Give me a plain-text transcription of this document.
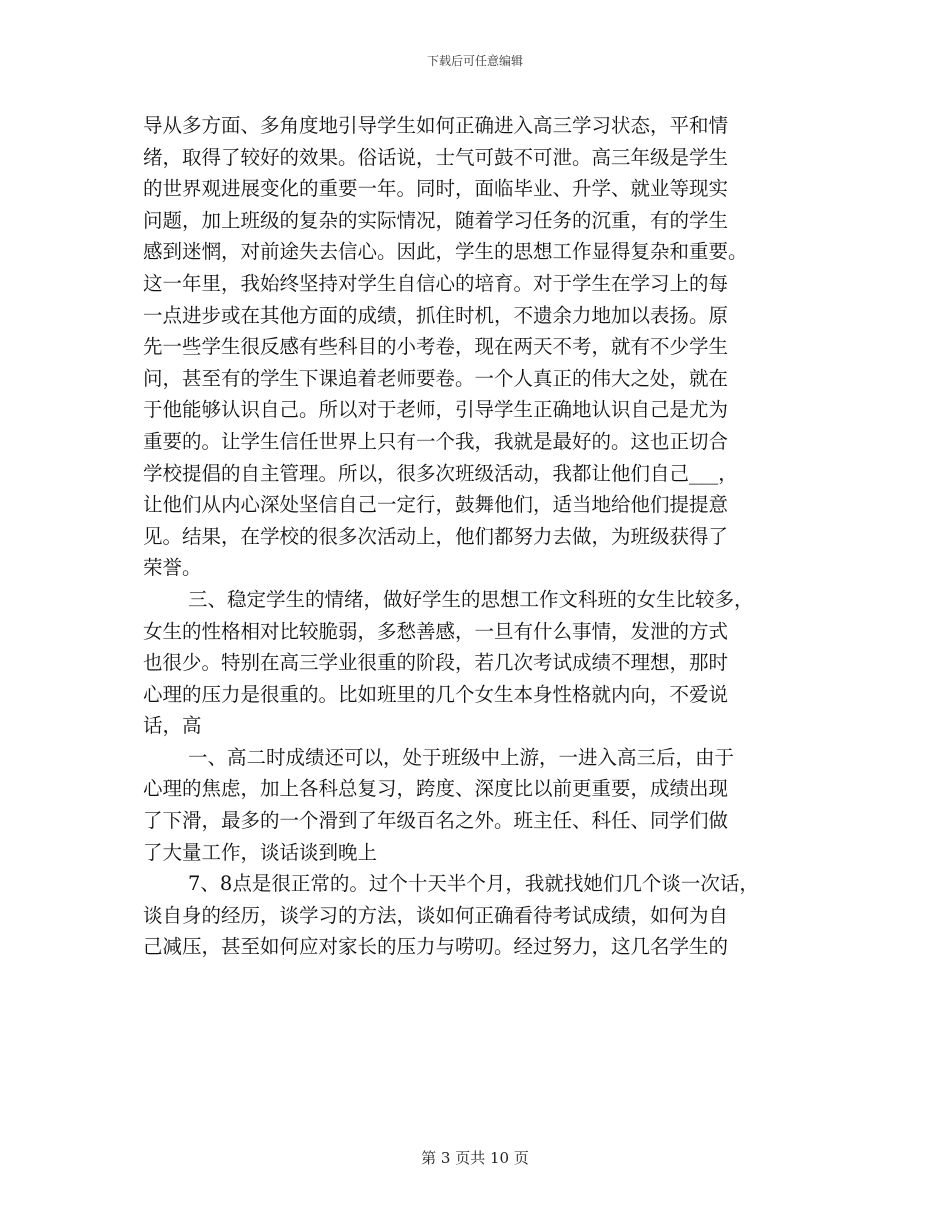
下载后可任意编辑
导从多方面、多角度地引导学生如何正确进入高三学习状态，平和情
绪，取得了较好的效果。俗话说，士气可鼓不可泄。高三年级是学生
的世界观进展变化的重要一年。同时，面临毕业、升学、就业等现实
问题，加上班级的复杂的实际情况，随着学习任务的沉重，有的学生
感到迷惘，对前途失去信心。因此，学生的思想工作显得复杂和重要。
这一年里，我始终坚持对学生自信心的培育。对于学生在学习上的每
一点进步或在其他方面的成绩，抓住时机，不遗余力地加以表扬。原
先一些学生很反感有些科目的小考卷，现在两天不考，就有不少学生
问，甚至有的学生下课追着老师要卷。一个人真正的伟大之处，就在
于他能够认识自己。所以对于老师，引导学生正确地认识自己是尤为
重要的。让学生信任世界上只有一个我，我就是最好的。这也正切合
学校提倡的自主管理。所以，很多次班级活动，我都让他们自己___，
让他们从内心深处坚信自己一定行，鼓舞他们，适当地给他们提提意
见。结果，在学校的很多次活动上，他们都努力去做，为班级获得了
荣誉。
三、稳定学生的情绪，做好学生的思想工作文科班的女生比较多，
女生的性格相对比较脆弱，多愁善感，一旦有什么事情，发泄的方式
也很少。特别在高三学业很重的阶段，若几次考试成绩不理想，那时
心理的压力是很重的。比如班里的几个女生本身性格就内向，不爱说
话，高
一、高二时成绩还可以，处于班级中上游，一进入高三后，由于
心理的焦虑，加上各科总复习，跨度、深度比以前更重要，成绩出现
了下滑，最多的一个滑到了年级百名之外。班主任、科任、同学们做
了大量工作，谈话谈到晚上
7、8点是很正常的。过个十天半个月，我就找她们几个谈一次话，
谈自身的经历，谈学习的方法，谈如何正确看待考试成绩，如何为自
己减压，甚至如何应对家长的压力与唠叨。经过努力，这几名学生的
第 3 页共 10 页
